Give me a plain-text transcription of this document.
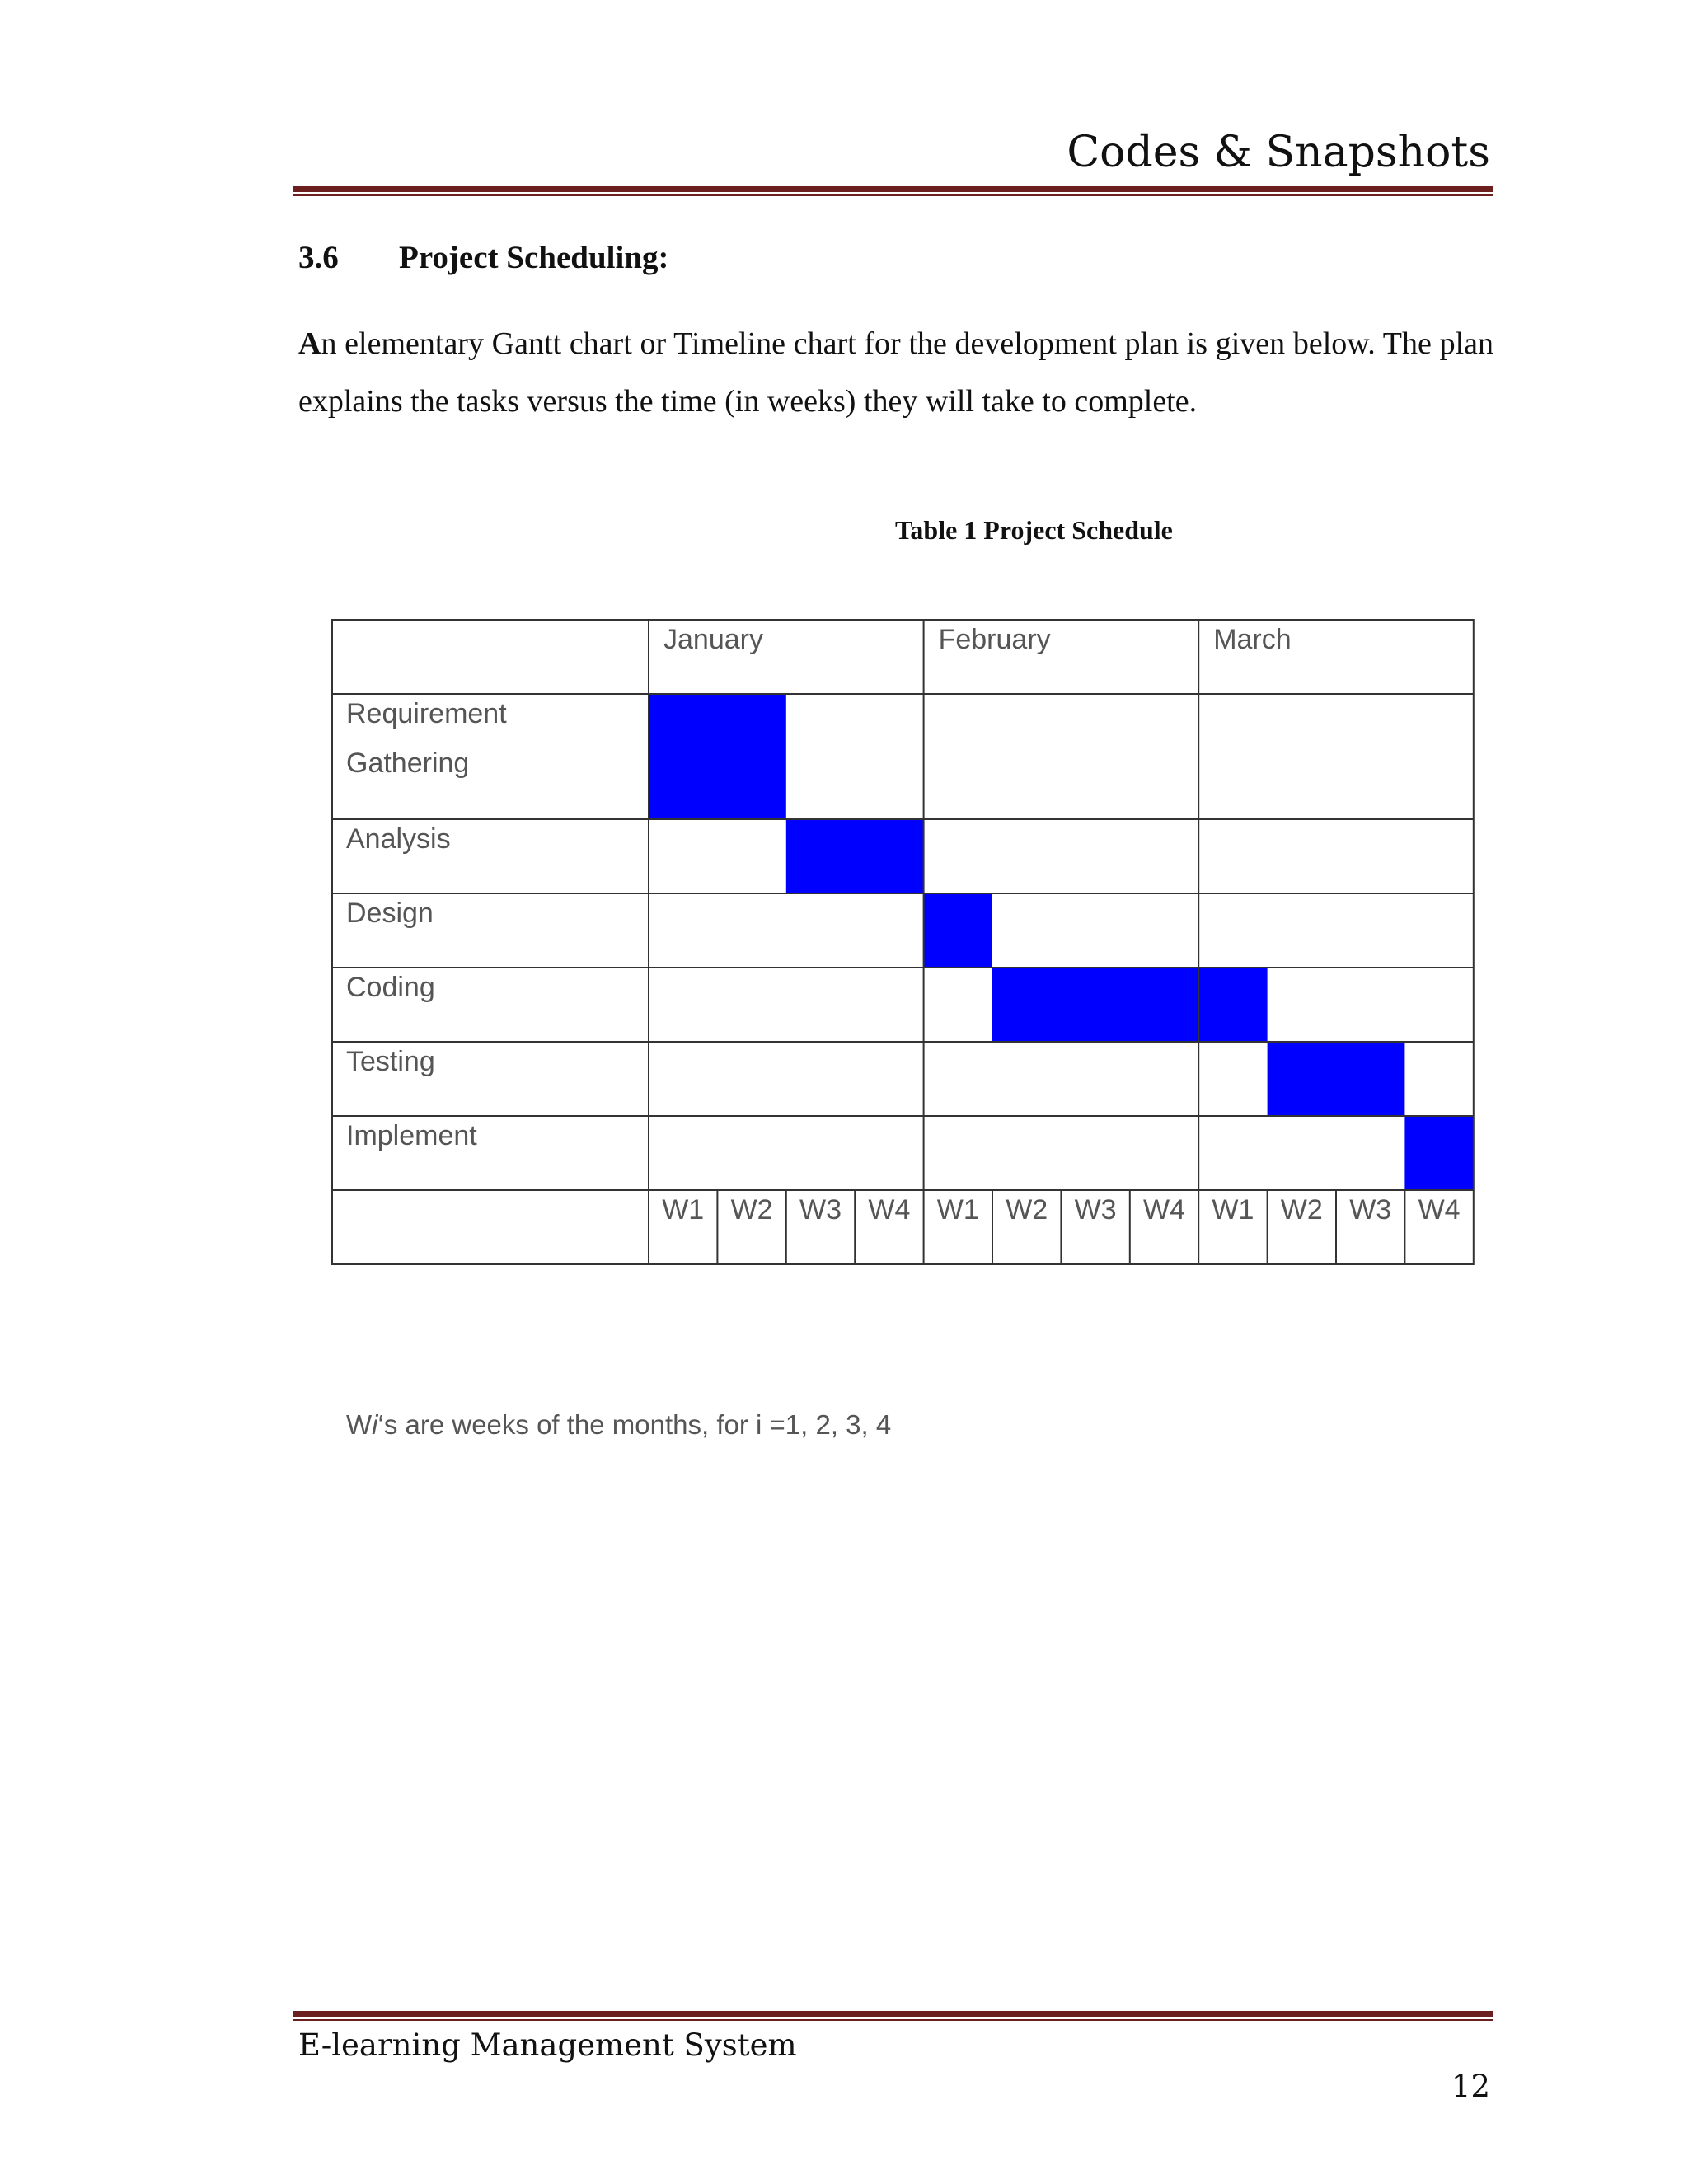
Codes & Snapshots
3.6 Project Scheduling:
An elementary Gantt chart or Timeline chart for the development plan is given below. The plan explains the tasks versus the time (in weeks) they will take to complete.
Table 1 Project Schedule
January	February	March
Requirement
Gathering
Analysis
Design
Coding
Testing
Implement
W1 W2 W3 W4 W1 W2 W3 W4 W1 W2 W3 W4
Wi‘s are weeks of the months, for i =1, 2, 3, 4
E-learning Management System
12
